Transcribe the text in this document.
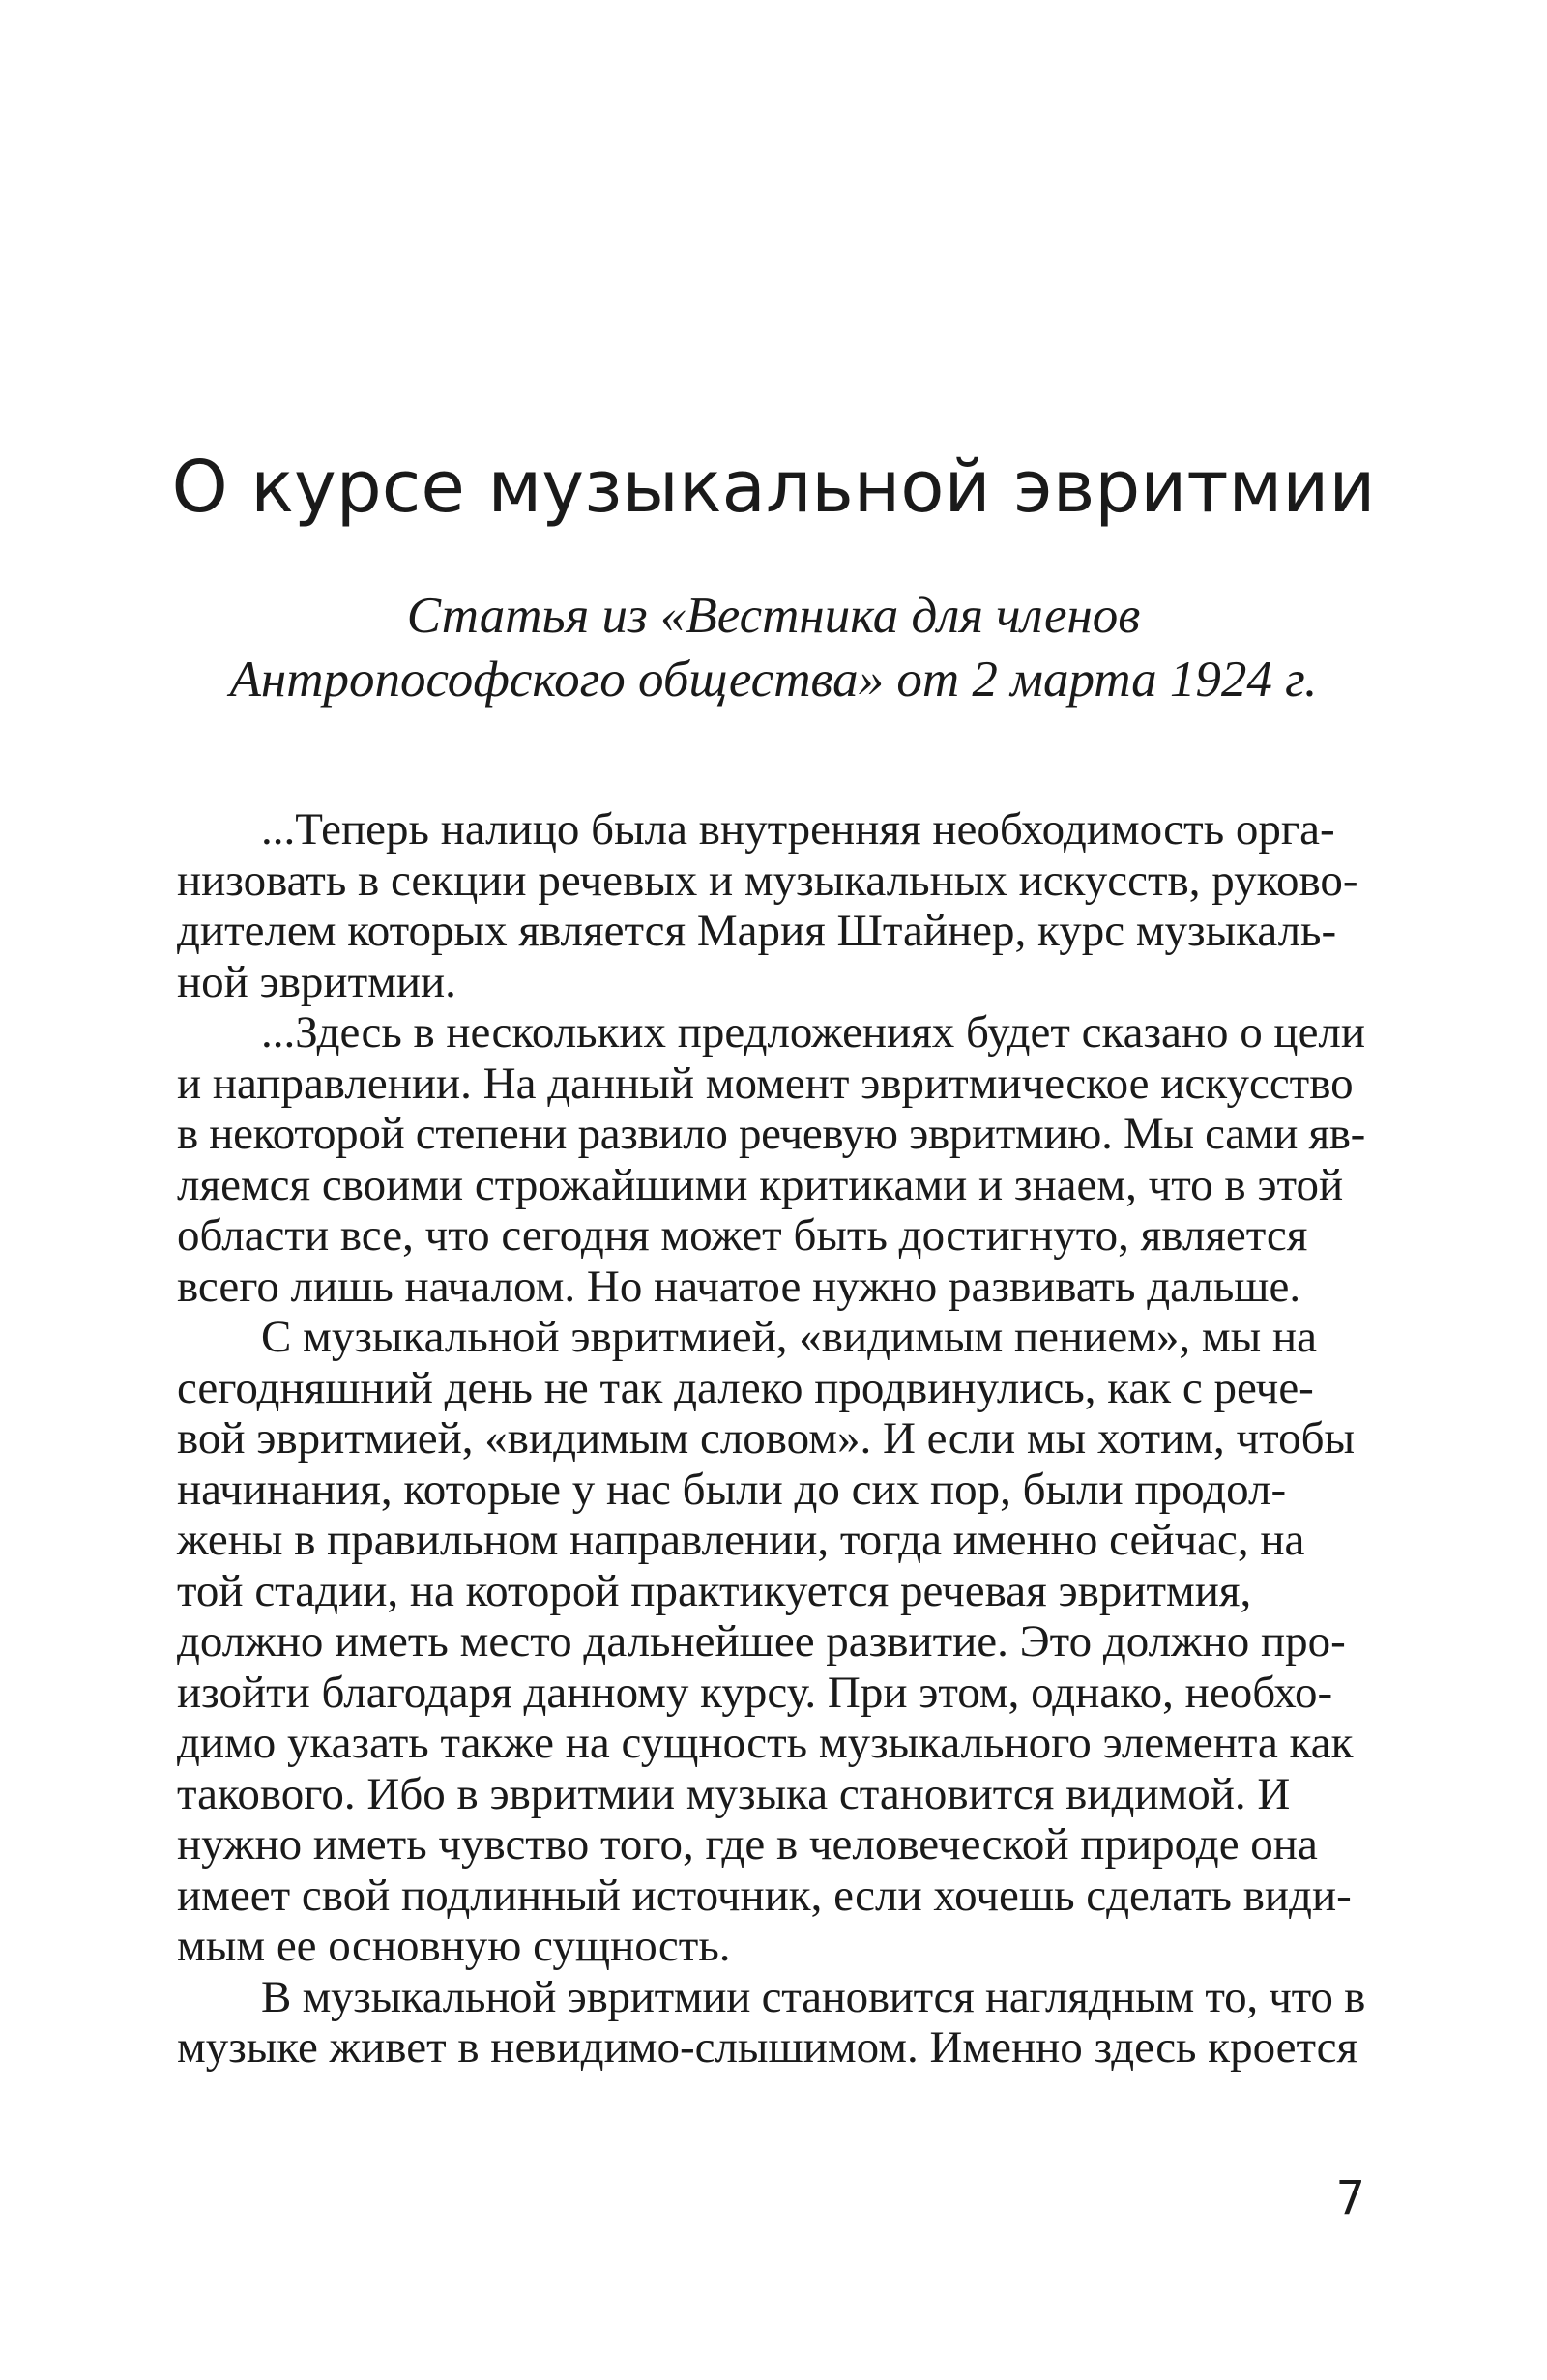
О курсе музыкальной эвритмии
Статья из «Вестника для членов
Антропософского общества» от 2 марта 1924 г.
...Теперь налицо была внутренняя необходимость орга-
низовать в секции речевых и музыкальных искусств, руково-
дителем которых является Мария Штайнер, курс музыкаль-
ной эвритмии.
...Здесь в нескольких предложениях будет сказано о цели
и направлении. На данный момент эвритмическое искусство
в некоторой степени развило речевую эвритмию. Мы сами яв-
ляемся своими строжайшими критиками и знаем, что в этой
области все, что сегодня может быть достигнуто, является
всего лишь началом. Но начатое нужно развивать дальше.
С музыкальной эвритмией, «видимым пением», мы на
сегодняшний день не так далеко продвинулись, как с рече-
вой эвритмией, «видимым словом». И если мы хотим, чтобы
начинания, которые у нас были до сих пор, были продол-
жены в правильном направлении, тогда именно сейчас, на
той стадии, на которой практикуется речевая эвритмия,
должно иметь место дальнейшее развитие. Это должно про-
изойти благодаря данному курсу. При этом, однако, необхо-
димо указать также на сущность музыкального элемента как
такового. Ибо в эвритмии музыка становится видимой. И
нужно иметь чувство того, где в человеческой природе она
имеет свой подлинный источник, если хочешь сделать види-
мым ее основную сущность.
В музыкальной эвритмии становится наглядным то, что в
музыке живет в невидимо-слышимом. Именно здесь кроется
7
